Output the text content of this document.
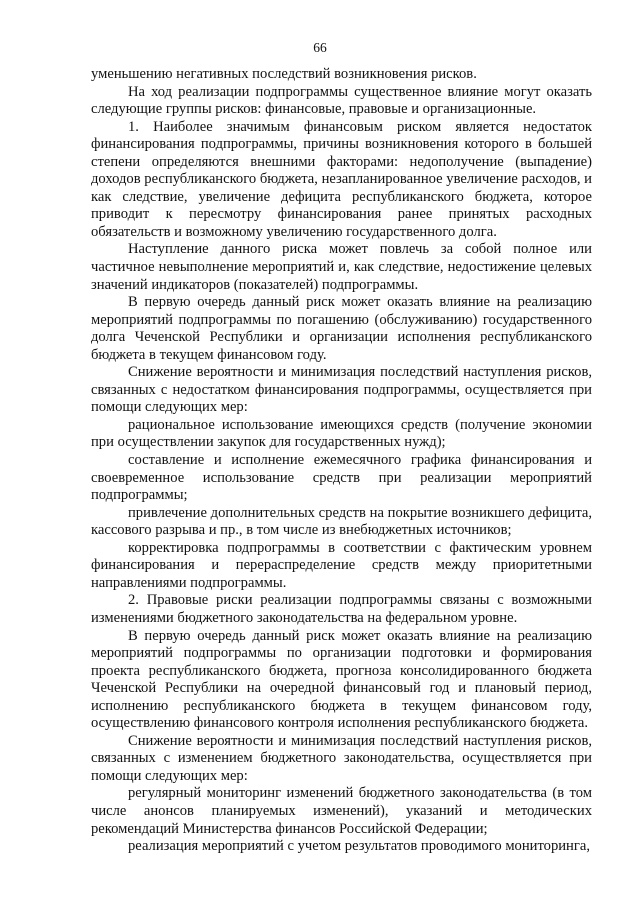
66

уменьшению негативных последствий возникновения рисков.

На ход реализации подпрограммы существенное влияние могут оказать следующие группы рисков: финансовые, правовые и организационные.

1. Наиболее значимым финансовым риском является недостаток финансирования подпрограммы, причины возникновения которого в большей степени определяются внешними факторами: недополучение (выпадение) доходов республиканского бюджета, незапланированное увеличение расходов, и как следствие, увеличение дефицита республиканского бюджета, которое приводит к пересмотру финансирования ранее принятых расходных обязательств и возможному увеличению государственного долга.

Наступление данного риска может повлечь за собой полное или частичное невыполнение мероприятий и, как следствие, недостижение целевых значений индикаторов (показателей) подпрограммы.

В первую очередь данный риск может оказать влияние на реализацию мероприятий подпрограммы по погашению (обслуживанию) государственного долга Чеченской Республики и организации исполнения республиканского бюджета в текущем финансовом году.

Снижение вероятности и минимизация последствий наступления рисков, связанных с недостатком финансирования подпрограммы, осуществляется при помощи следующих мер:

рациональное использование имеющихся средств (получение экономии при осуществлении закупок для государственных нужд);

составление и исполнение ежемесячного графика финансирования и своевременное использование средств при реализации мероприятий подпрограммы;

привлечение дополнительных средств на покрытие возникшего дефицита, кассового разрыва и пр., в том числе из внебюджетных источников;

корректировка подпрограммы в соответствии с фактическим уровнем финансирования и перераспределение средств между приоритетными направлениями подпрограммы.

2. Правовые риски реализации подпрограммы связаны с возможными изменениями бюджетного законодательства на федеральном уровне.

В первую очередь данный риск может оказать влияние на реализацию мероприятий подпрограммы по организации подготовки и формирования проекта республиканского бюджета, прогноза консолидированного бюджета Чеченской Республики на очередной финансовый год и плановый период, исполнению республиканского бюджета в текущем финансовом году, осуществлению финансового контроля исполнения республиканского бюджета.

Снижение вероятности и минимизация последствий наступления рисков, связанных с изменением бюджетного законодательства, осуществляется при помощи следующих мер:

регулярный мониторинг изменений бюджетного законодательства (в том числе анонсов планируемых изменений), указаний и методических рекомендаций Министерства финансов Российской Федерации;

реализация мероприятий с учетом результатов проводимого мониторинга,
